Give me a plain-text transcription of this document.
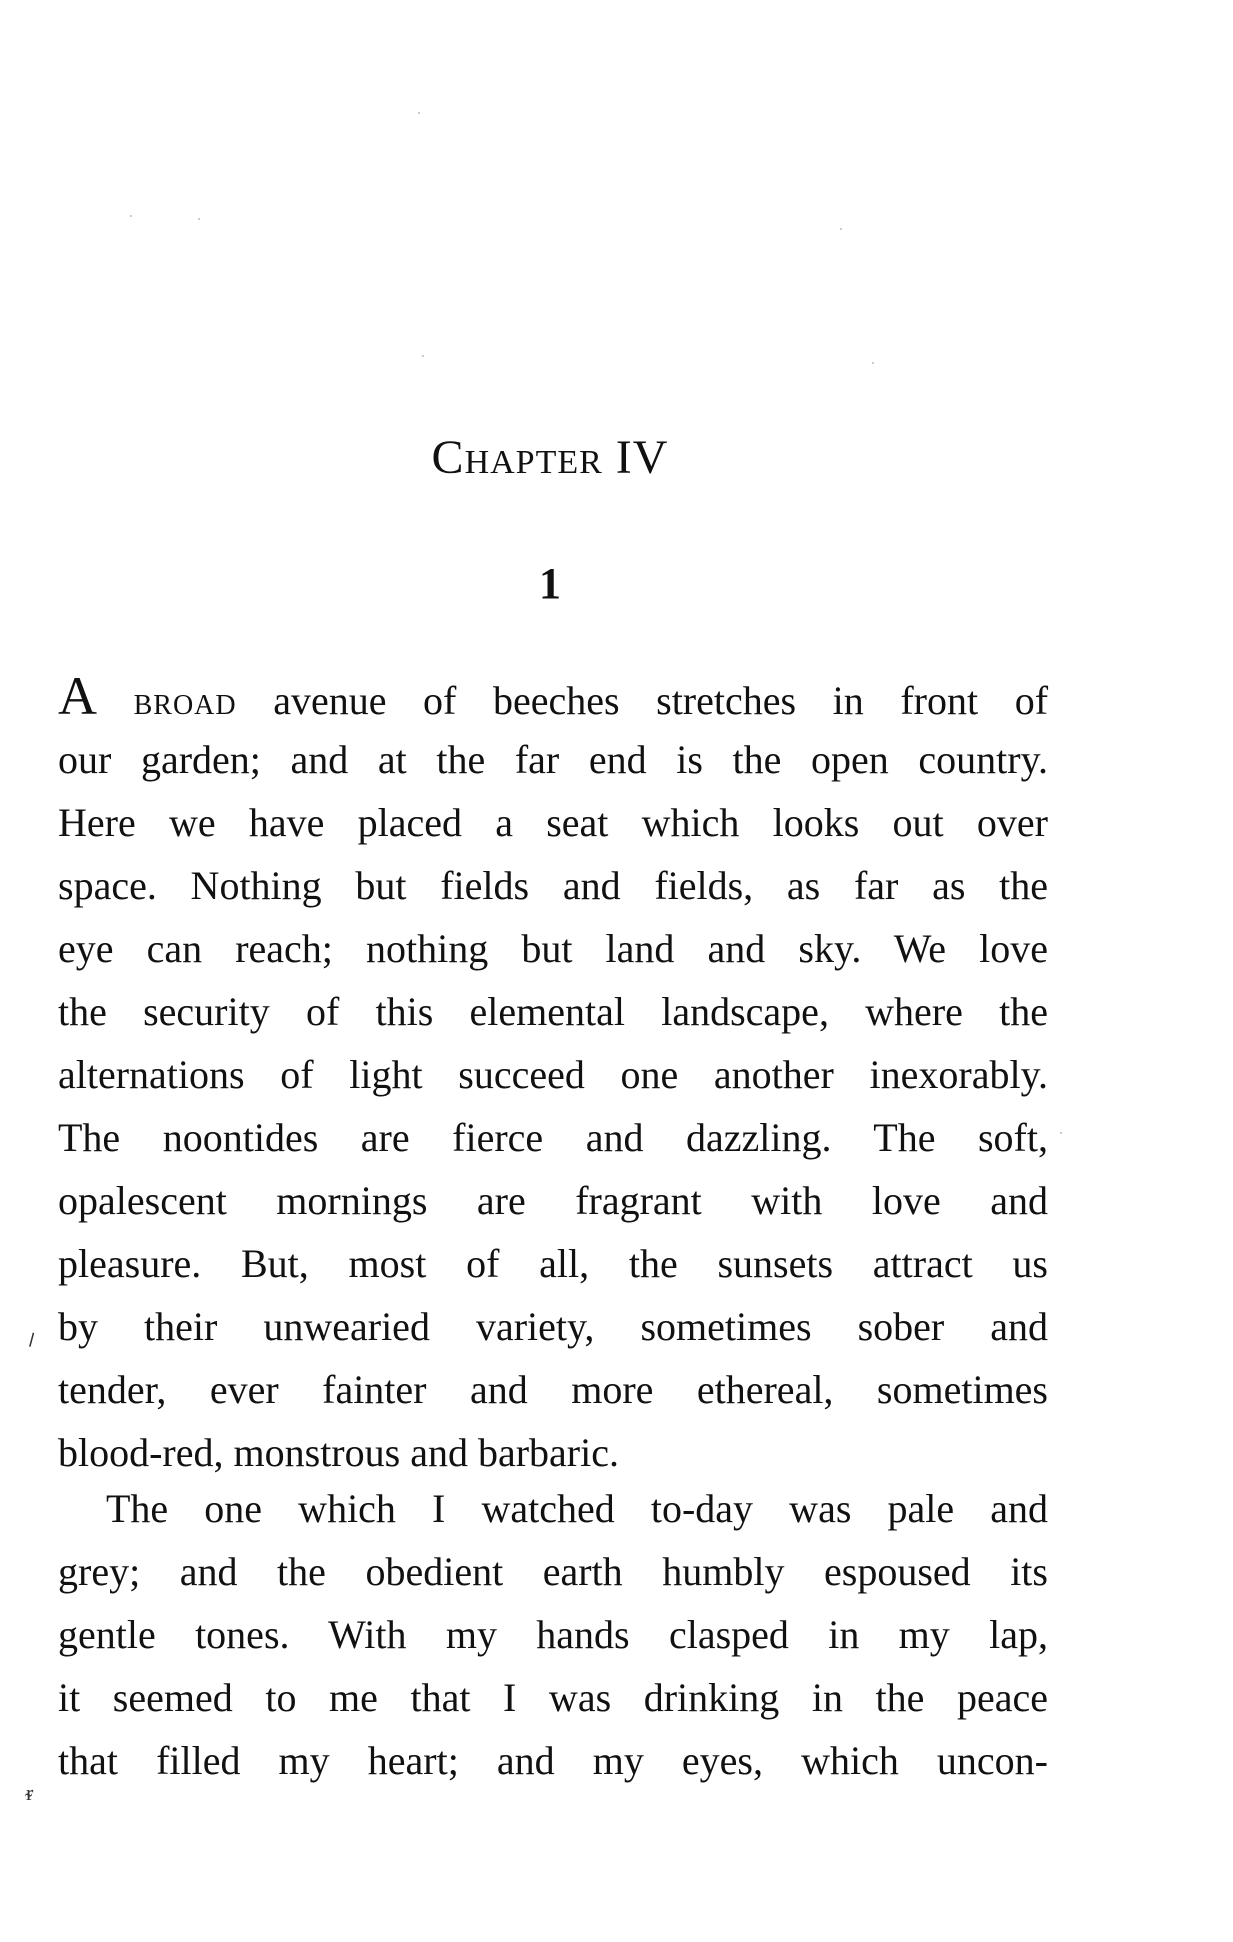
Chapter IV
1
A broad avenue of beeches stretches in front of
our garden; and at the far end is the open country.
Here we have placed a seat which looks out over
space. Nothing but fields and fields, as far as the
eye can reach; nothing but land and sky. We love
the security of this elemental landscape, where the
alternations of light succeed one another inexorably.
The noontides are fierce and dazzling. The soft,
opalescent mornings are fragrant with love and
pleasure. But, most of all, the sunsets attract us
by their unwearied variety, sometimes sober and
tender, ever fainter and more ethereal, sometimes
blood-red, monstrous and barbaric.
The one which I watched to-day was pale and
grey; and the obedient earth humbly espoused its
gentle tones. With my hands clasped in my lap,
it seemed to me that I was drinking in the peace
that filled my heart; and my eyes, which uncon-
⸝
ᵲ
